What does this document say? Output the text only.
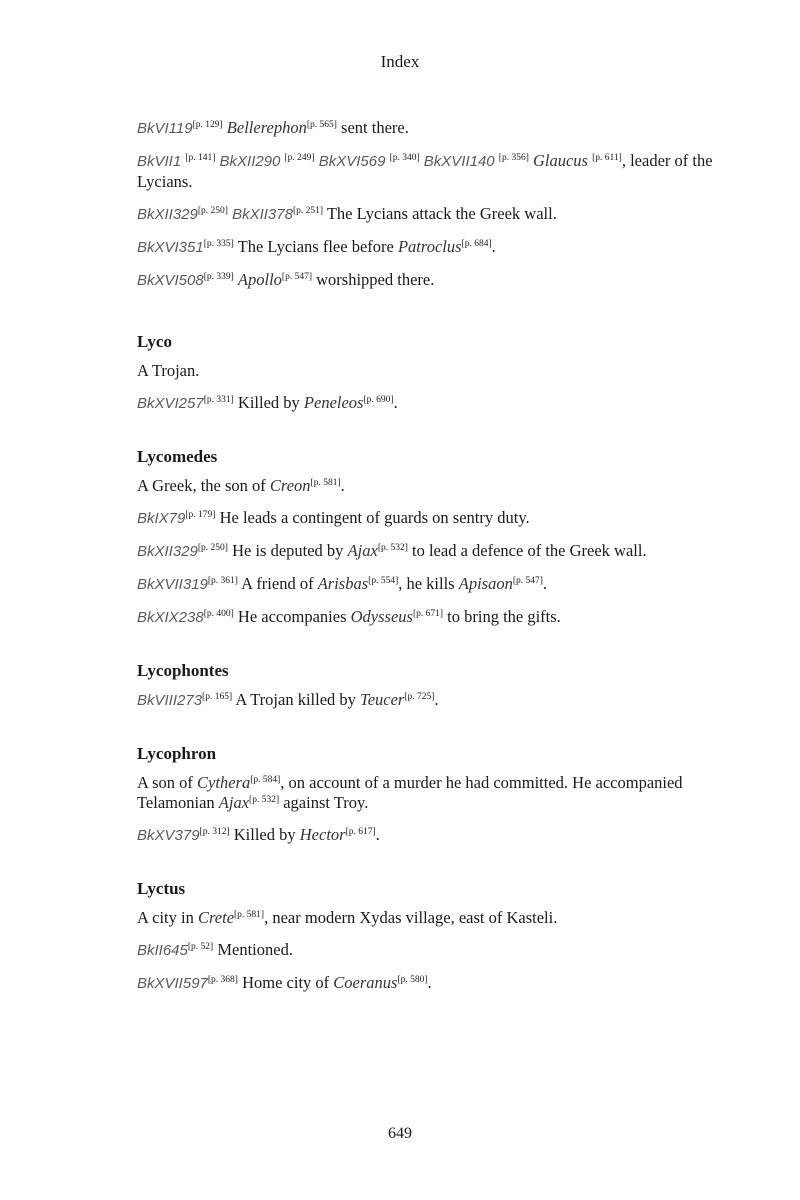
Index
BkVI119[p. 129] Bellerephon[p. 565] sent there.
BkVII1 [p. 141] BkXII290 [p. 249] BkXVI569 [p. 340] BkXVII140 [p. 356] Glaucus [p. 611], leader of the Lycians.
BkXII329[p. 250] BkXII378[p. 251] The Lycians attack the Greek wall.
BkXVI351[p. 335] The Lycians flee before Patroclus[p. 684].
BkXVI508[p. 339] Apollo[p. 547] worshipped there.
Lyco
A Trojan.
BkXVI257[p. 331] Killed by Peneleos[p. 690].
Lycomedes
A Greek, the son of Creon[p. 581].
BkIX79[p. 179] He leads a contingent of guards on sentry duty.
BkXII329[p. 250] He is deputed by Ajax[p. 532] to lead a defence of the Greek wall.
BkXVII319[p. 361] A friend of Arisbas[p. 554], he kills Apisaon[p. 547].
BkXIX238[p. 400] He accompanies Odysseus[p. 671] to bring the gifts.
Lycophontes
BkVIII273[p. 165] A Trojan killed by Teucer[p. 725].
Lycophron
A son of Cythera[p. 584], on account of a murder he had committed. He accompanied Telamonian Ajax[p. 532] against Troy.
BkXV379[p. 312] Killed by Hector[p. 617].
Lyctus
A city in Crete[p. 581], near modern Xydas village, east of Kasteli.
BkII645[p. 52] Mentioned.
BkXVII597[p. 368] Home city of Coeranus[p. 580].
649
